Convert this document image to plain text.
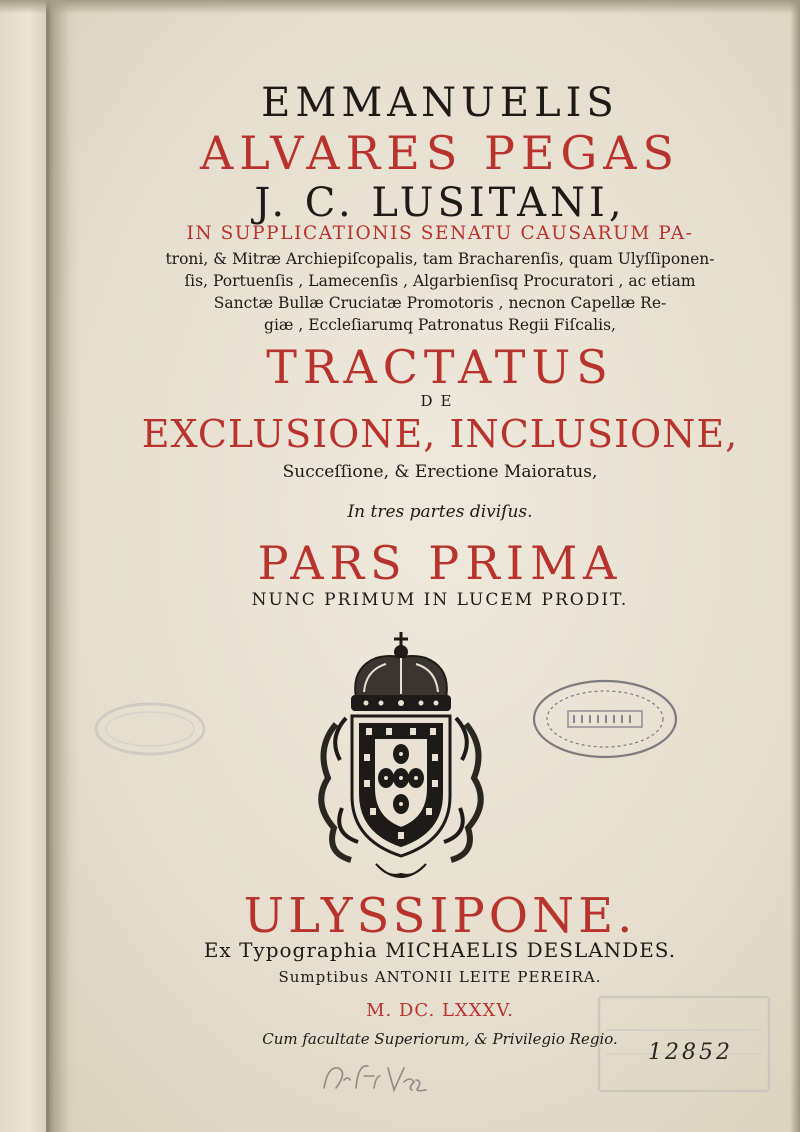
EMMANUELIS
ALVARES PEGAS
J. C. LUSITANI,
IN SUPPLICATIONIS SENATU CAUSARUM PA-
troni, & Mitræ Archiepiſcopalis, tam Bracharenſis, quam Ulyſſiponen-
ſis, Portuenſis , Lamecenſis , Algarbienſisq Procuratori , ac etiam
Sanctæ Bullæ Cruciatæ Promotoris , necnon Capellæ Re-
giæ , Eccleſiarumq Patronatus Regii Fiſcalis,
TRACTATUS
DE
EXCLUSIONE, INCLUSIONE,
Succeſſione, & Erectione Maioratus,
In tres partes diviſus.
PARS PRIMA
NUNC PRIMUM IN LUCEM PRODIT.
ULYSSIPONE.
Ex Typographia MICHAELIS DESLANDES.
Sumptibus ANTONII LEITE PEREIRA.
M. DC. LXXXV.
Cum facultate Superiorum, & Privilegio Regio.
12852
